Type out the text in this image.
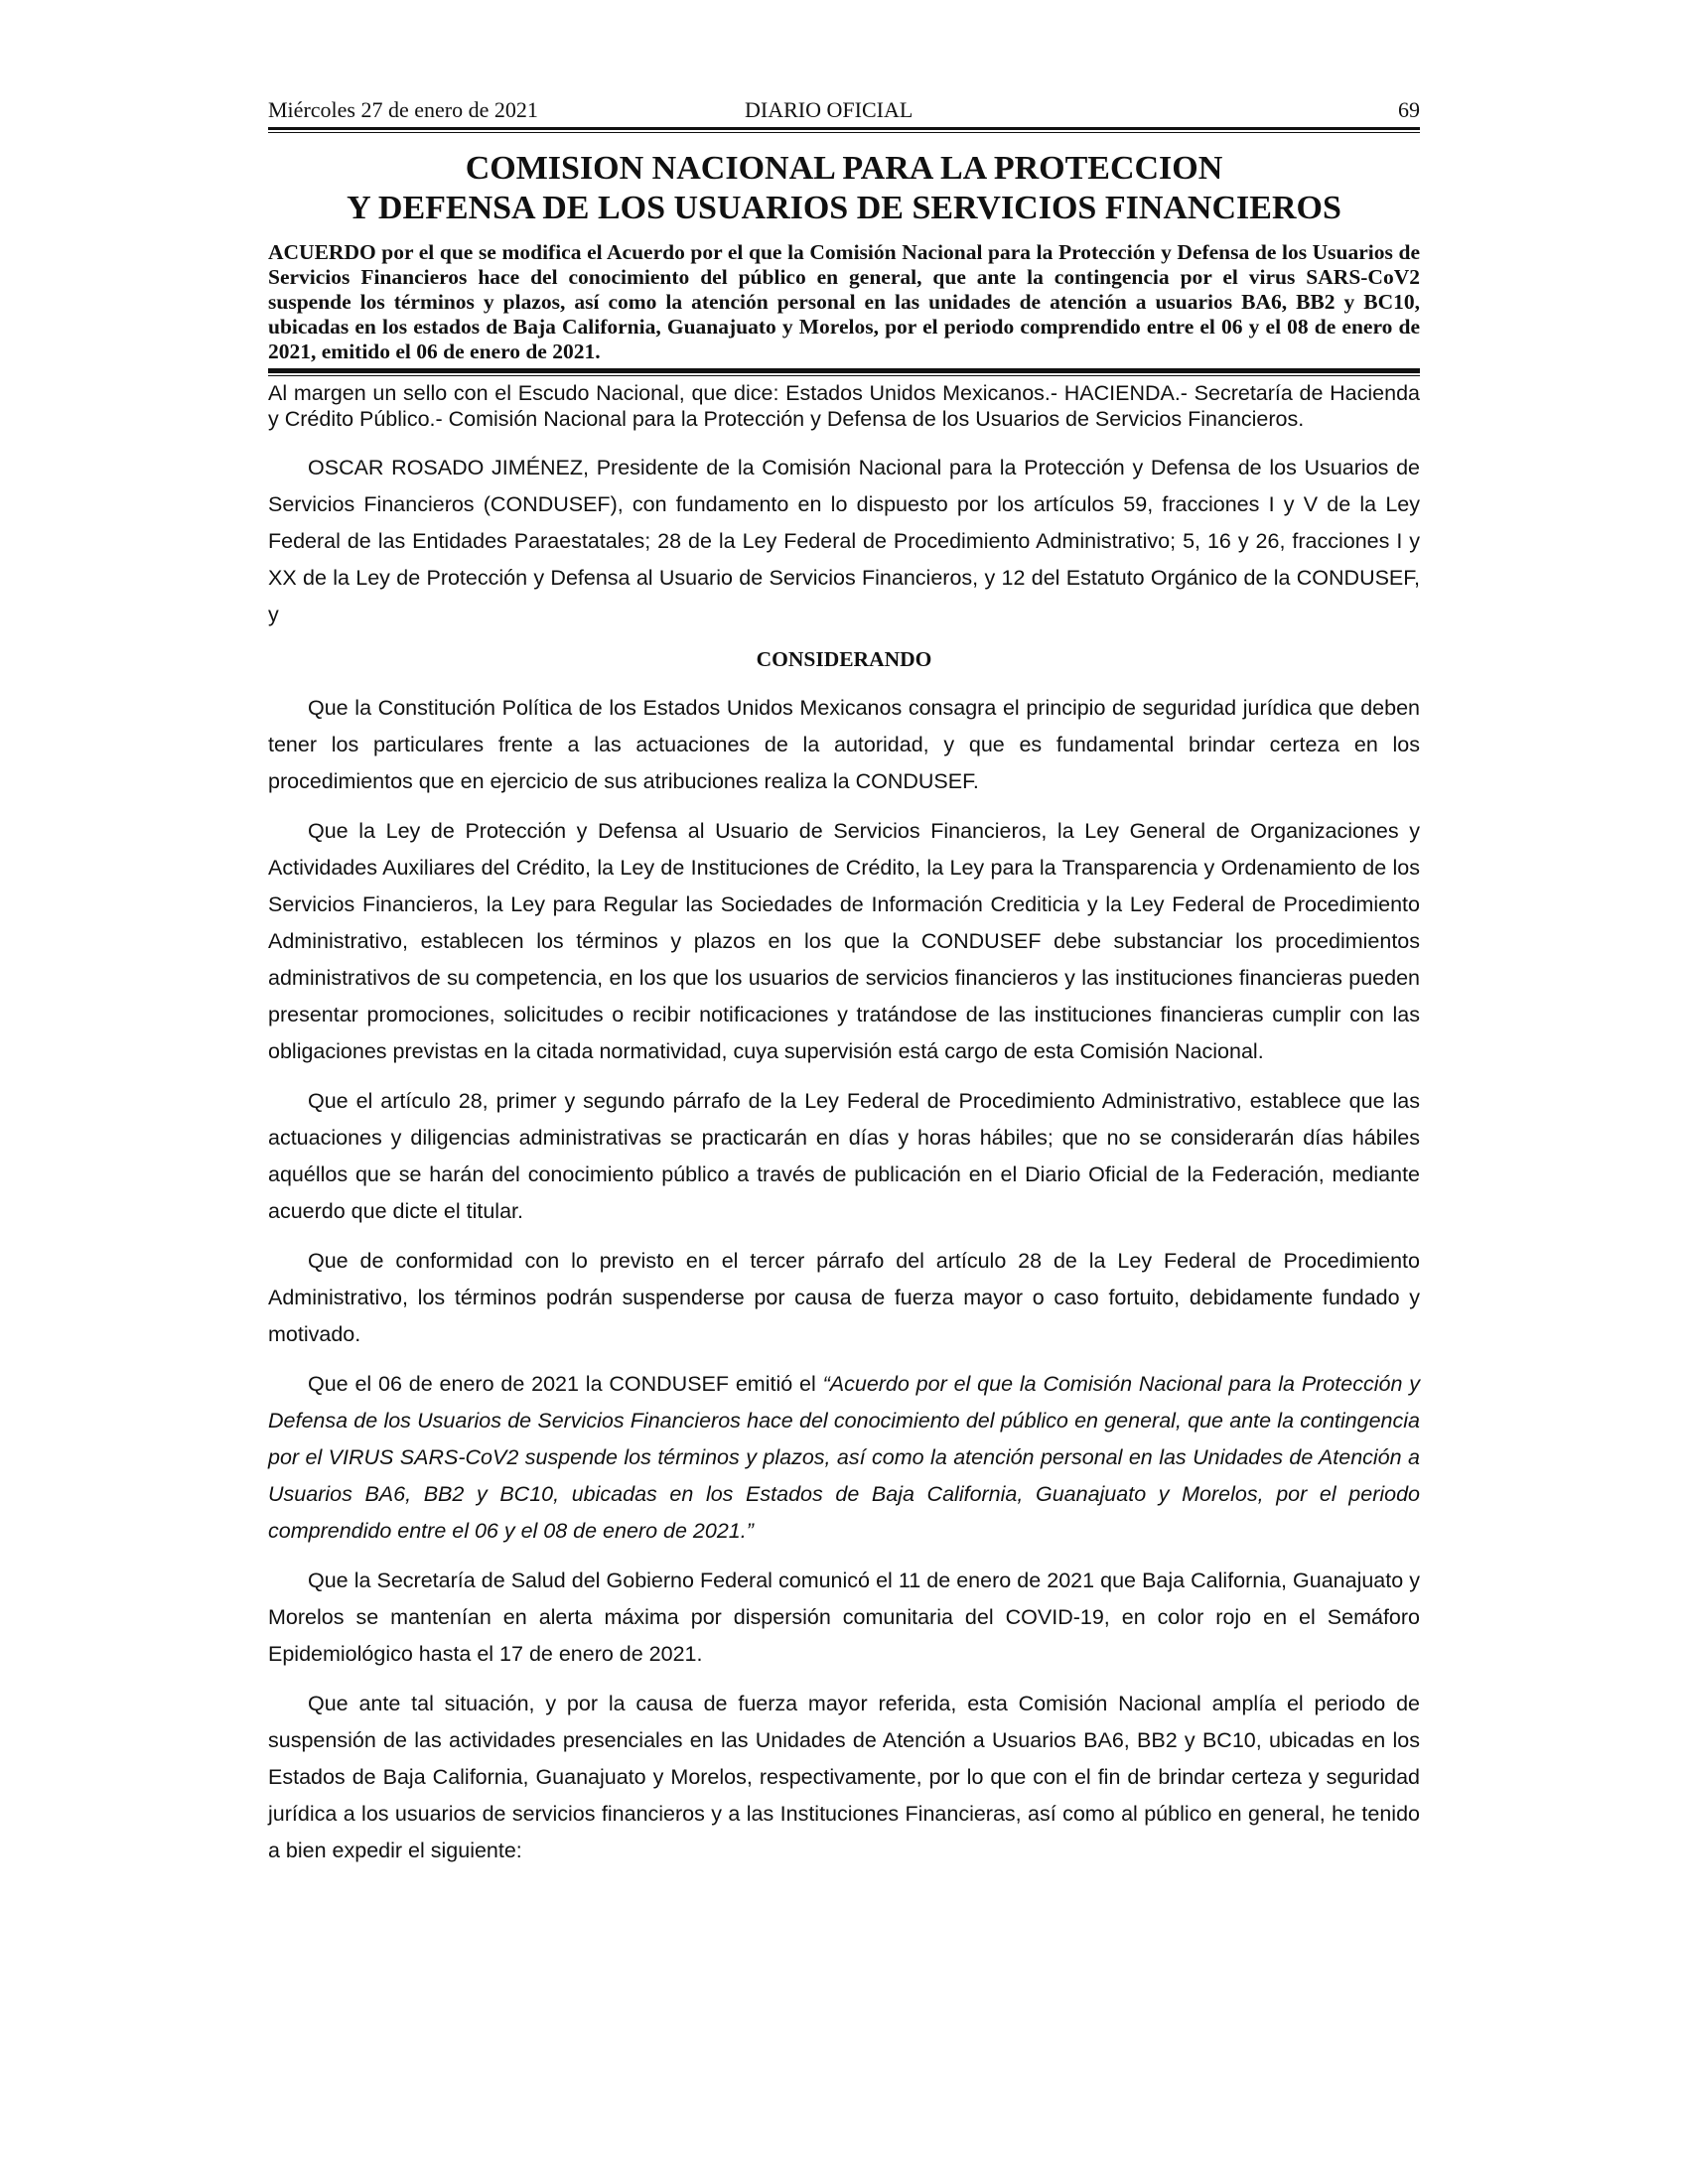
Miércoles 27 de enero de 2021	DIARIO OFICIAL	69
COMISION NACIONAL PARA LA PROTECCION
Y DEFENSA DE LOS USUARIOS DE SERVICIOS FINANCIEROS
ACUERDO por el que se modifica el Acuerdo por el que la Comisión Nacional para la Protección y Defensa de los Usuarios de Servicios Financieros hace del conocimiento del público en general, que ante la contingencia por el virus SARS-CoV2 suspende los términos y plazos, así como la atención personal en las unidades de atención a usuarios BA6, BB2 y BC10, ubicadas en los estados de Baja California, Guanajuato y Morelos, por el periodo comprendido entre el 06 y el 08 de enero de 2021, emitido el 06 de enero de 2021.
Al margen un sello con el Escudo Nacional, que dice: Estados Unidos Mexicanos.- HACIENDA.- Secretaría de Hacienda y Crédito Público.- Comisión Nacional para la Protección y Defensa de los Usuarios de Servicios Financieros.
OSCAR ROSADO JIMÉNEZ, Presidente de la Comisión Nacional para la Protección y Defensa de los Usuarios de Servicios Financieros (CONDUSEF), con fundamento en lo dispuesto por los artículos 59, fracciones I y V de la Ley Federal de las Entidades Paraestatales; 28 de la Ley Federal de Procedimiento Administrativo; 5, 16 y 26, fracciones I y XX de la Ley de Protección y Defensa al Usuario de Servicios Financieros, y 12 del Estatuto Orgánico de la CONDUSEF, y
CONSIDERANDO
Que la Constitución Política de los Estados Unidos Mexicanos consagra el principio de seguridad jurídica que deben tener los particulares frente a las actuaciones de la autoridad, y que es fundamental brindar certeza en los procedimientos que en ejercicio de sus atribuciones realiza la CONDUSEF.
Que la Ley de Protección y Defensa al Usuario de Servicios Financieros, la Ley General de Organizaciones y Actividades Auxiliares del Crédito, la Ley de Instituciones de Crédito, la Ley para la Transparencia y Ordenamiento de los Servicios Financieros, la Ley para Regular las Sociedades de Información Crediticia y la Ley Federal de Procedimiento Administrativo, establecen los términos y plazos en los que la CONDUSEF debe substanciar los procedimientos administrativos de su competencia, en los que los usuarios de servicios financieros y las instituciones financieras pueden presentar promociones, solicitudes o recibir notificaciones y tratándose de las instituciones financieras cumplir con las obligaciones previstas en la citada normatividad, cuya supervisión está cargo de esta Comisión Nacional.
Que el artículo 28, primer y segundo párrafo de la Ley Federal de Procedimiento Administrativo, establece que las actuaciones y diligencias administrativas se practicarán en días y horas hábiles; que no se considerarán días hábiles aquéllos que se harán del conocimiento público a través de publicación en el Diario Oficial de la Federación, mediante acuerdo que dicte el titular.
Que de conformidad con lo previsto en el tercer párrafo del artículo 28 de la Ley Federal de Procedimiento Administrativo, los términos podrán suspenderse por causa de fuerza mayor o caso fortuito, debidamente fundado y motivado.
Que el 06 de enero de 2021 la CONDUSEF emitió el “Acuerdo por el que la Comisión Nacional para la Protección y Defensa de los Usuarios de Servicios Financieros hace del conocimiento del público en general, que ante la contingencia por el VIRUS SARS-CoV2 suspende los términos y plazos, así como la atención personal en las Unidades de Atención a Usuarios BA6, BB2 y BC10, ubicadas en los Estados de Baja California, Guanajuato y Morelos, por el periodo comprendido entre el 06 y el 08 de enero de 2021.”
Que la Secretaría de Salud del Gobierno Federal comunicó el 11 de enero de 2021 que Baja California, Guanajuato y Morelos se mantenían en alerta máxima por dispersión comunitaria del COVID-19, en color rojo en el Semáforo Epidemiológico hasta el 17 de enero de 2021.
Que ante tal situación, y por la causa de fuerza mayor referida, esta Comisión Nacional amplía el periodo de suspensión de las actividades presenciales en las Unidades de Atención a Usuarios BA6, BB2 y BC10, ubicadas en los Estados de Baja California, Guanajuato y Morelos, respectivamente, por lo que con el fin de brindar certeza y seguridad jurídica a los usuarios de servicios financieros y a las Instituciones Financieras, así como al público en general, he tenido a bien expedir el siguiente:
